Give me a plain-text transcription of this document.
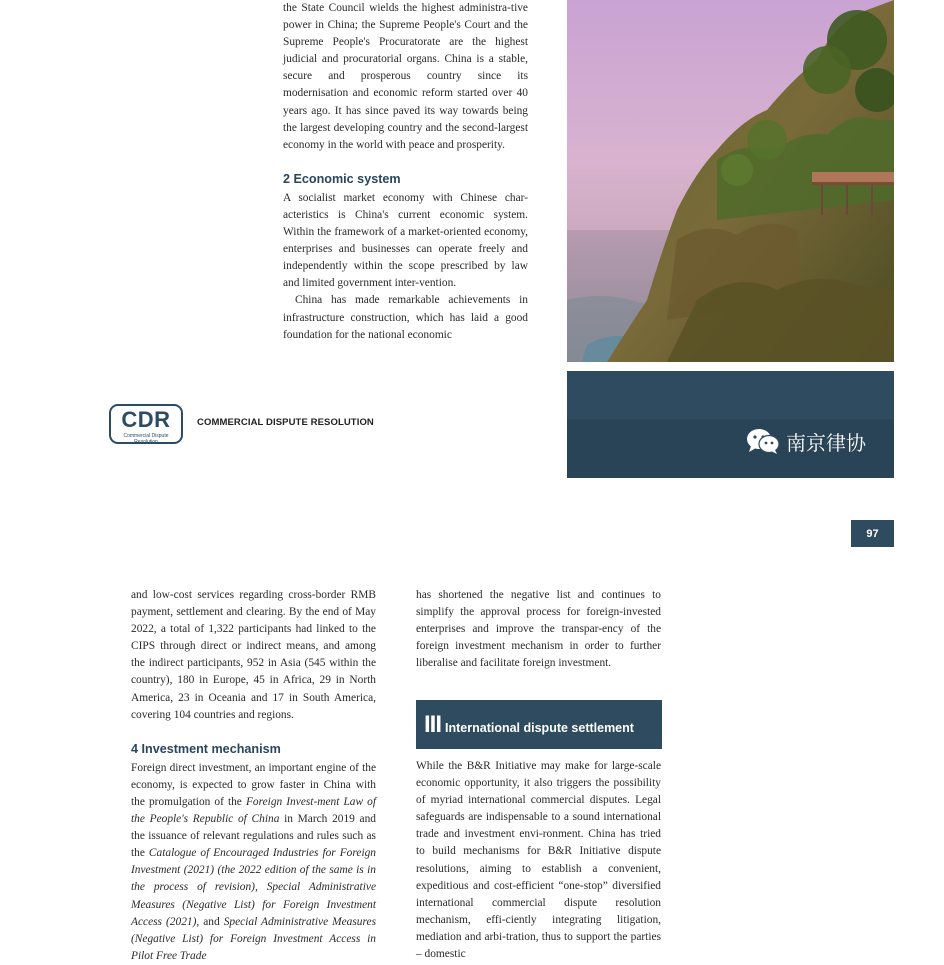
the State Council wields the highest administra-tive power in China; the Supreme People's Court and the Supreme People's Procuratorate are the highest judicial and procuratorial organs. China is a stable, secure and prosperous country since its modernisation and economic reform started over 40 years ago. It has since paved its way towards being the largest developing country and the second-largest economy in the world with peace and prosperity.

2 Economic system

A socialist market economy with Chinese char-acteristics is China's current economic system. Within the framework of a market-oriented economy, enterprises and businesses can operate freely and independently within the scope prescribed by law and limited government inter-vention.

China has made remarkable achievements in infrastructure construction, which has laid a good foundation for the national economic

南京律协
CDR
Commercial Dispute Resolution
COMMERCIAL DISPUTE RESOLUTION
97

and low-cost services regarding cross-border RMB payment, settlement and clearing. By the end of May 2022, a total of 1,322 participants had linked to the CIPS through direct or indirect means, and among the indirect participants, 952 in Asia (545 within the country), 180 in Europe, 45 in Africa, 29 in North America, 23 in Oceania and 17 in South America, covering 104 countries and regions.

4 Investment mechanism

Foreign direct investment, an important engine of the economy, is expected to grow faster in China with the promulgation of the Foreign Invest-ment Law of the People's Republic of China in March 2019 and the issuance of relevant regulations and rules such as the Catalogue of Encouraged Industries for Foreign Investment (2021) (the 2022 edition of the same is in the process of revision), Special Administrative Measures (Negative List) for Foreign Investment Access (2021), and Special Administrative Measures (Negative List) for Foreign Investment Access in Pilot Free Trade

has shortened the negative list and continues to simplify the approval process for foreign-invested enterprises and improve the transpar-ency of the foreign investment mechanism in order to further liberalise and facilitate foreign investment.

III International dispute settlement

While the B&R Initiative may make for large-scale economic opportunity, it also triggers the possibility of myriad international commercial disputes. Legal safeguards are indispensable to a sound international trade and investment envi-ronment. China has tried to build mechanisms for B&R Initiative dispute resolutions, aiming to establish a convenient, expeditious and cost-efficient “one-stop” diversified international commercial dispute resolution mechanism, effi-ciently integrating litigation, mediation and arbi-tration, thus to support the parties – domestic
